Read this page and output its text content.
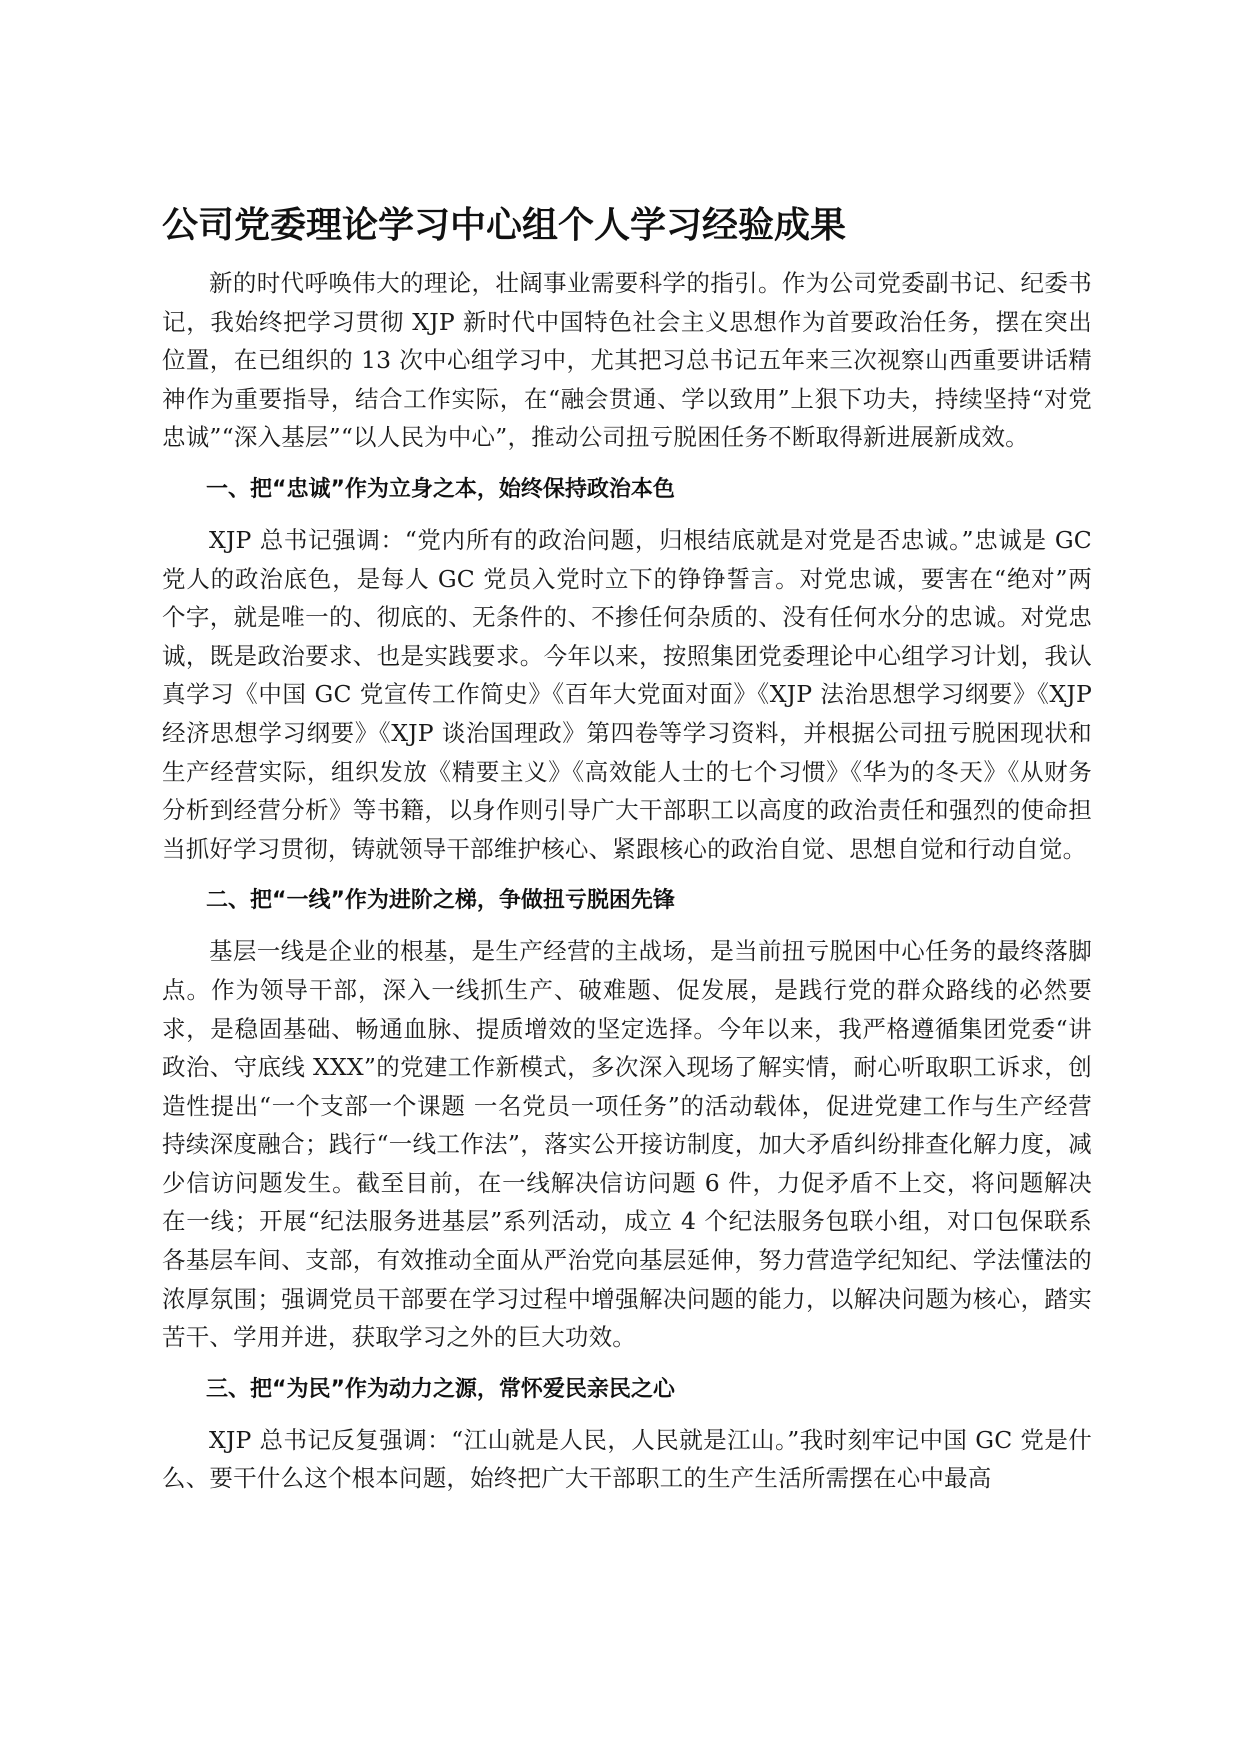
公司党委理论学习中心组个人学习经验成果

新的时代呼唤伟大的理论，壮阔事业需要科学的指引。作为公司党委副书记、纪委书记，我始终把学习贯彻 XJP 新时代中国特色社会主义思想作为首要政治任务，摆在突出位置，在已组织的 13 次中心组学习中，尤其把习总书记五年来三次视察山西重要讲话精神作为重要指导，结合工作实际，在“融会贯通、学以致用”上狠下功夫，持续坚持“对党忠诚”“深入基层”“以人民为中心”，推动公司扭亏脱困任务不断取得新进展新成效。

一、把“忠诚”作为立身之本，始终保持政治本色

XJP 总书记强调：“党内所有的政治问题，归根结底就是对党是否忠诚。”忠诚是 GC 党人的政治底色，是每人 GC 党员入党时立下的铮铮誓言。对党忠诚，要害在“绝对”两个字，就是唯一的、彻底的、无条件的、不掺任何杂质的、没有任何水分的忠诚。对党忠诚，既是政治要求、也是实践要求。今年以来，按照集团党委理论中心组学习计划，我认真学习《中国 GC 党宣传工作简史》《百年大党面对面》《XJP 法治思想学习纲要》《XJP 经济思想学习纲要》《XJP 谈治国理政》第四卷等学习资料，并根据公司扭亏脱困现状和生产经营实际，组织发放《精要主义》《高效能人士的七个习惯》《华为的冬天》《从财务分析到经营分析》等书籍，以身作则引导广大干部职工以高度的政治责任和强烈的使命担当抓好学习贯彻，铸就领导干部维护核心、紧跟核心的政治自觉、思想自觉和行动自觉。

二、把“一线”作为进阶之梯，争做扭亏脱困先锋

基层一线是企业的根基，是生产经营的主战场，是当前扭亏脱困中心任务的最终落脚点。作为领导干部，深入一线抓生产、破难题、促发展，是践行党的群众路线的必然要求，是稳固基础、畅通血脉、提质增效的坚定选择。今年以来，我严格遵循集团党委“讲政治、守底线 XXX”的党建工作新模式，多次深入现场了解实情，耐心听取职工诉求，创造性提出“一个支部一个课题 一名党员一项任务”的活动载体，促进党建工作与生产经营持续深度融合；践行“一线工作法”，落实公开接访制度，加大矛盾纠纷排查化解力度，减少信访问题发生。截至目前，在一线解决信访问题 6 件，力促矛盾不上交，将问题解决在一线；开展“纪法服务进基层”系列活动，成立 4 个纪法服务包联小组，对口包保联系各基层车间、支部，有效推动全面从严治党向基层延伸，努力营造学纪知纪、学法懂法的浓厚氛围；强调党员干部要在学习过程中增强解决问题的能力，以解决问题为核心，踏实苦干、学用并进，获取学习之外的巨大功效。

三、把“为民”作为动力之源，常怀爱民亲民之心

XJP 总书记反复强调：“江山就是人民，人民就是江山。”我时刻牢记中国 GC 党是什么、要干什么这个根本问题，始终把广大干部职工的生产生活所需摆在心中最高
